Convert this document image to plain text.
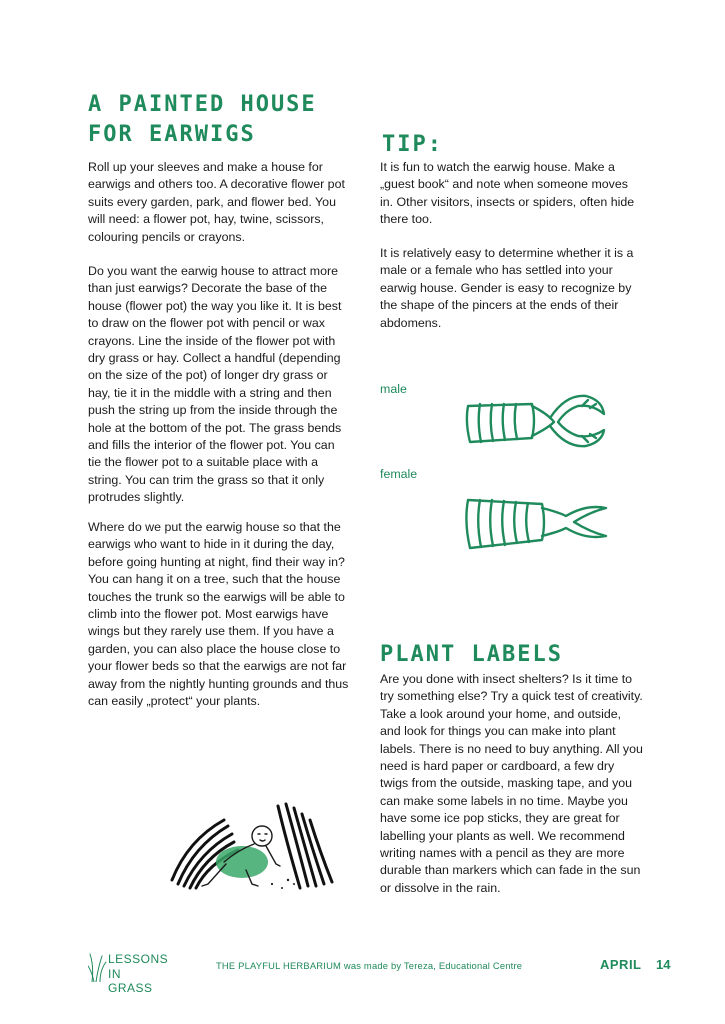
A PAINTED HOUSE
FOR EARWIGS

Roll up your sleeves and make a house for earwigs and others too. A decorative flower pot suits every garden, park, and flower bed. You will need: a flower pot, hay, twine, scissors, colouring pencils or crayons.

Do you want the earwig house to attract more than just earwigs? Decorate the base of the house (flower pot) the way you like it. It is best to draw on the flower pot with pencil or wax crayons. Line the inside of the flower pot with dry grass or hay. Collect a handful (depending on the size of the pot) of longer dry grass or hay, tie it in the middle with a string and then push the string up from the inside through the hole at the bottom of the pot. The grass bends and fills the interior of the flower pot. You can tie the flower pot to a suitable place with a string. You can trim the grass so that it only protrudes slightly.

Where do we put the earwig house so that the earwigs who want to hide in it during the day, before going hunting at night, find their way in? You can hang it on a tree, such that the house touches the trunk so the earwigs will be able to climb into the flower pot. Most earwigs have wings but they rarely use them. If you have a garden, you can also place the house close to your flower beds so that the earwigs are not far away from the nightly hunting grounds and thus can easily „protect“ your plants.

TIP:

It is fun to watch the earwig house. Make a „guest book“ and note when someone moves in. Other visitors, insects or spiders, often hide there too.

It is relatively easy to determine whether it is a male or a female who has settled into your earwig house. Gender is easy to recognize by the shape of the pincers at the ends of their abdomens.

male

female

PLANT LABELS

Are you done with insect shelters? Is it time to try something else? Try a quick test of creativity. Take a look around your home, and outside, and look for things you can make into plant labels. There is no need to buy anything. All you need is hard paper or cardboard, a few dry twigs from the outside, masking tape, and you can make some labels in no time. Maybe you have some ice pop sticks, they are great for labelling your plants as well. We recommend writing names with a pencil as they are more durable than markers which can fade in the sun or dissolve in the rain.

LESSONS
IN GRASS
THE PLAYFUL HERBARIUM was made by Tereza, Educational Centre	APRIL 14
